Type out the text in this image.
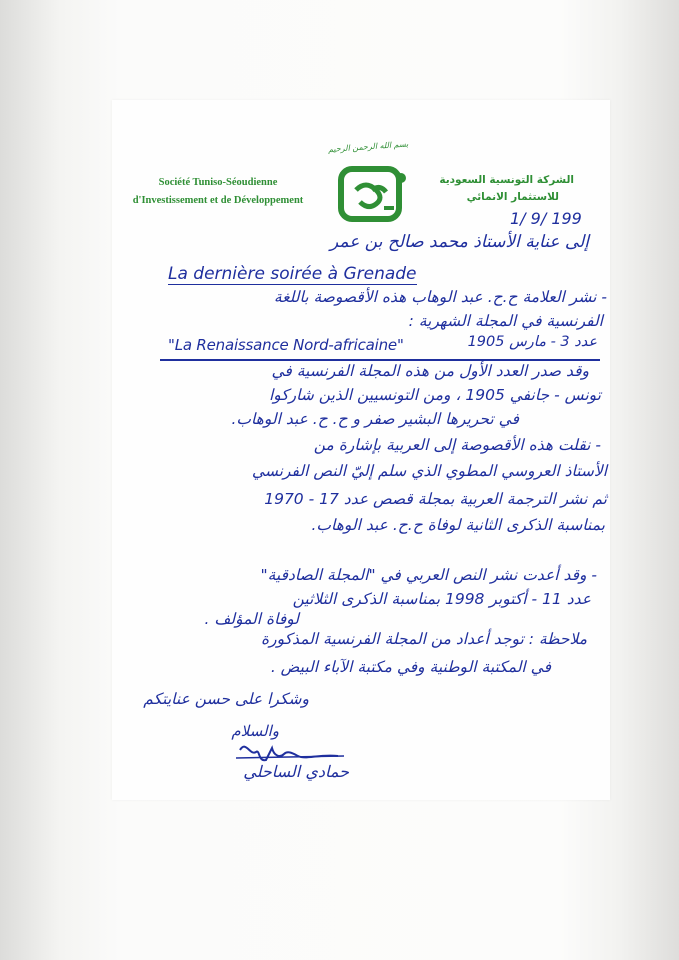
بسم الله الرحمن الرحيم
Société Tuniso-Séoudienne
d'Investissement et de Développement
الشركة التونسية السعودية
للاستثمار الانمائي
1/ 9/ 199
إلى عناية الأستاذ محمد صالح بن عمر
La dernière soirée à Grenade
- نشر العلامة ح.ح. عبد الوهاب هذه الأقصوصة باللغة
الفرنسية في المجلة الشهرية :
"La Renaissance Nord-africaine"	عدد 3 - مارس 1905
وقد صدر العدد الأول من هذه المجلة الفرنسية في
تونس - جانفي 1905 ، ومن التونسيين الذين شاركوا
في تحريرها البشير صفر و ح. ح. عبد الوهاب.
- نقلت هذه الأقصوصة إلى العربية بإشارة من
الأستاذ العروسي المطوي الذي سلم إليّ النص الفرنسي
ثم نشر الترجمة العربية بمجلة قصص عدد 17 - 1970
بمناسبة الذكرى الثانية لوفاة ح.ح. عبد الوهاب.
- وقد أعدت نشر النص العربي في "المجلة الصادقية"
عدد 11 - أكتوبر 1998 بمناسبة الذكرى الثلاثين
لوفاة المؤلف .
ملاحظة : توجد أعداد من المجلة الفرنسية المذكورة
في المكتبة الوطنية وفي مكتبة الآباء البيض .
وشكرا على حسن عنايتكم
والسلام
حمادي الساحلي
